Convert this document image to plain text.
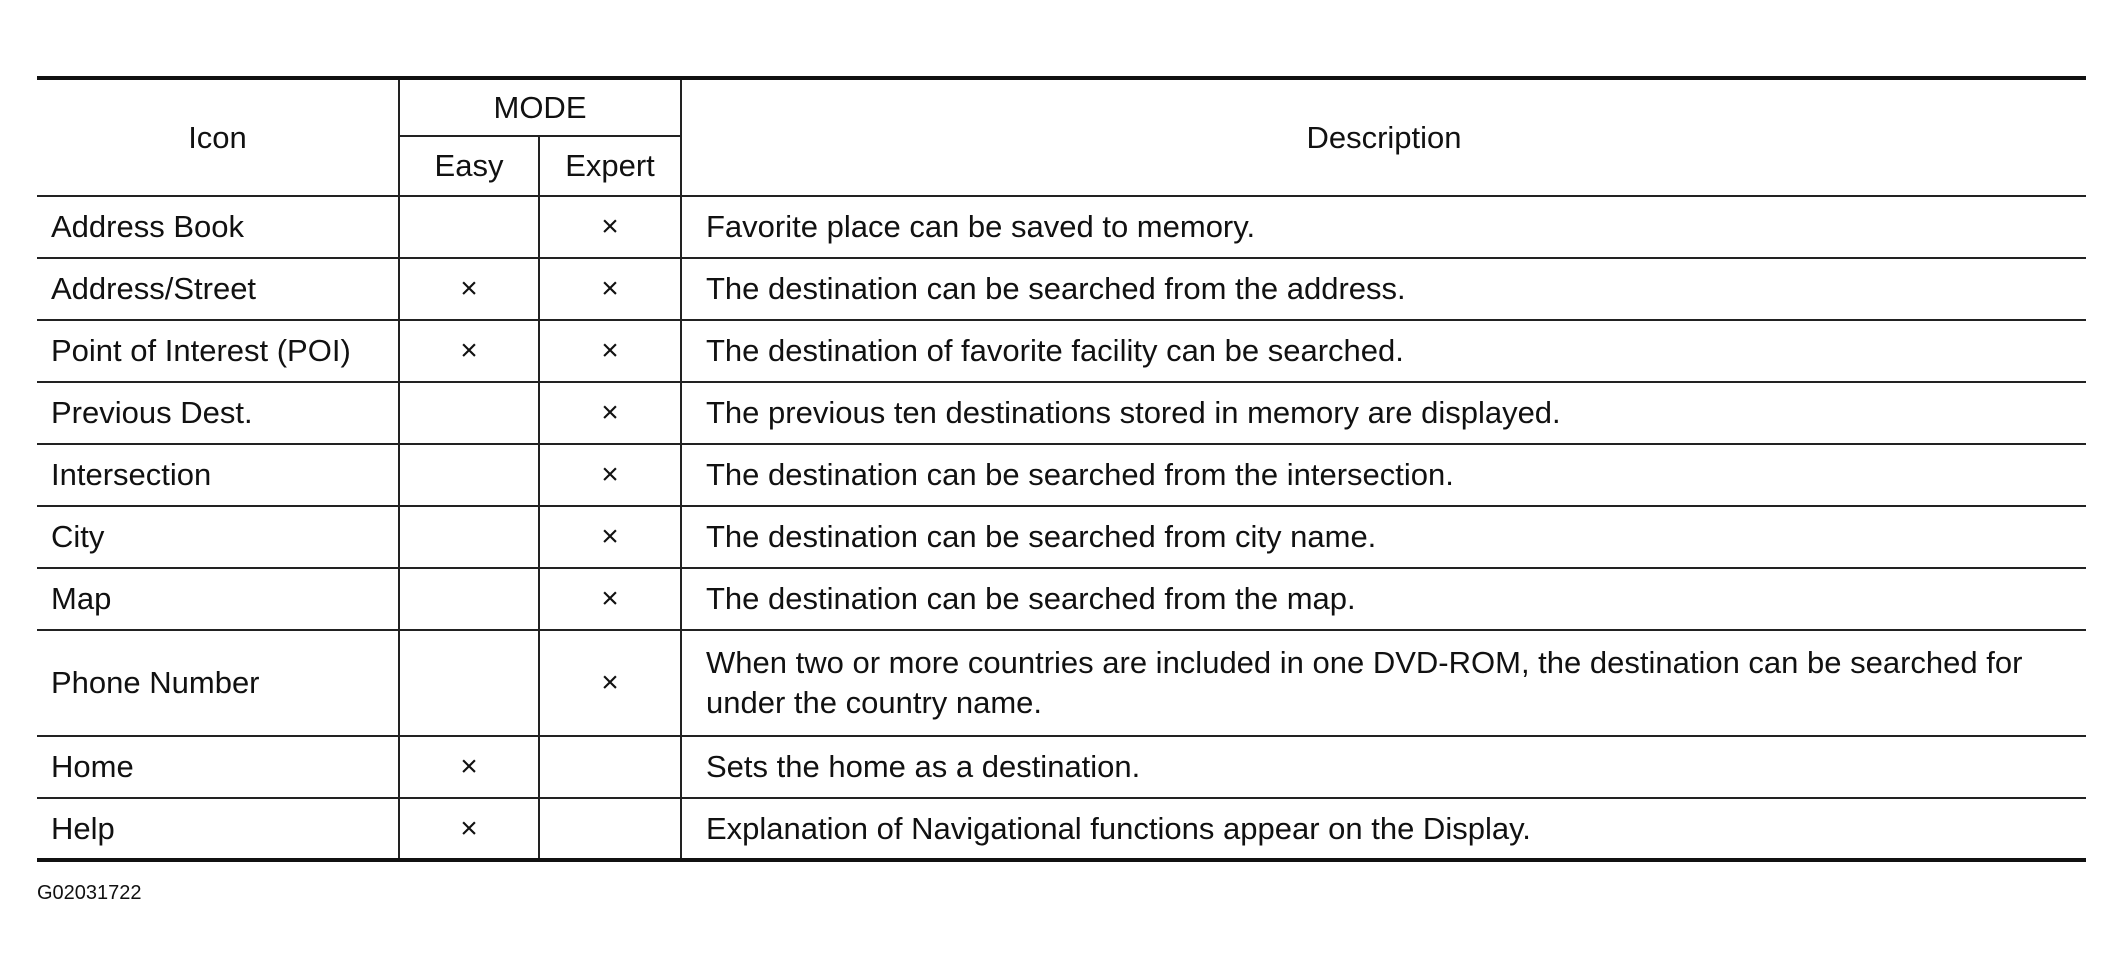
Icon	MODE		Description
	Easy	Expert	
Address Book		×	Favorite place can be saved to memory.
Address/Street	×	×	The destination can be searched from the address.
Point of Interest (POI)	×	×	The destination of favorite facility can be searched.
Previous Dest.		×	The previous ten destinations stored in memory are displayed.
Intersection		×	The destination can be searched from the intersection.
City		×	The destination can be searched from city name.
Map		×	The destination can be searched from the map.
Phone Number		×	When two or more countries are included in one DVD-ROM, the destination can be searched for under the country name.
Home	×		Sets the home as a destination.
Help	×		Explanation of Navigational functions appear on the Display.
G02031722
